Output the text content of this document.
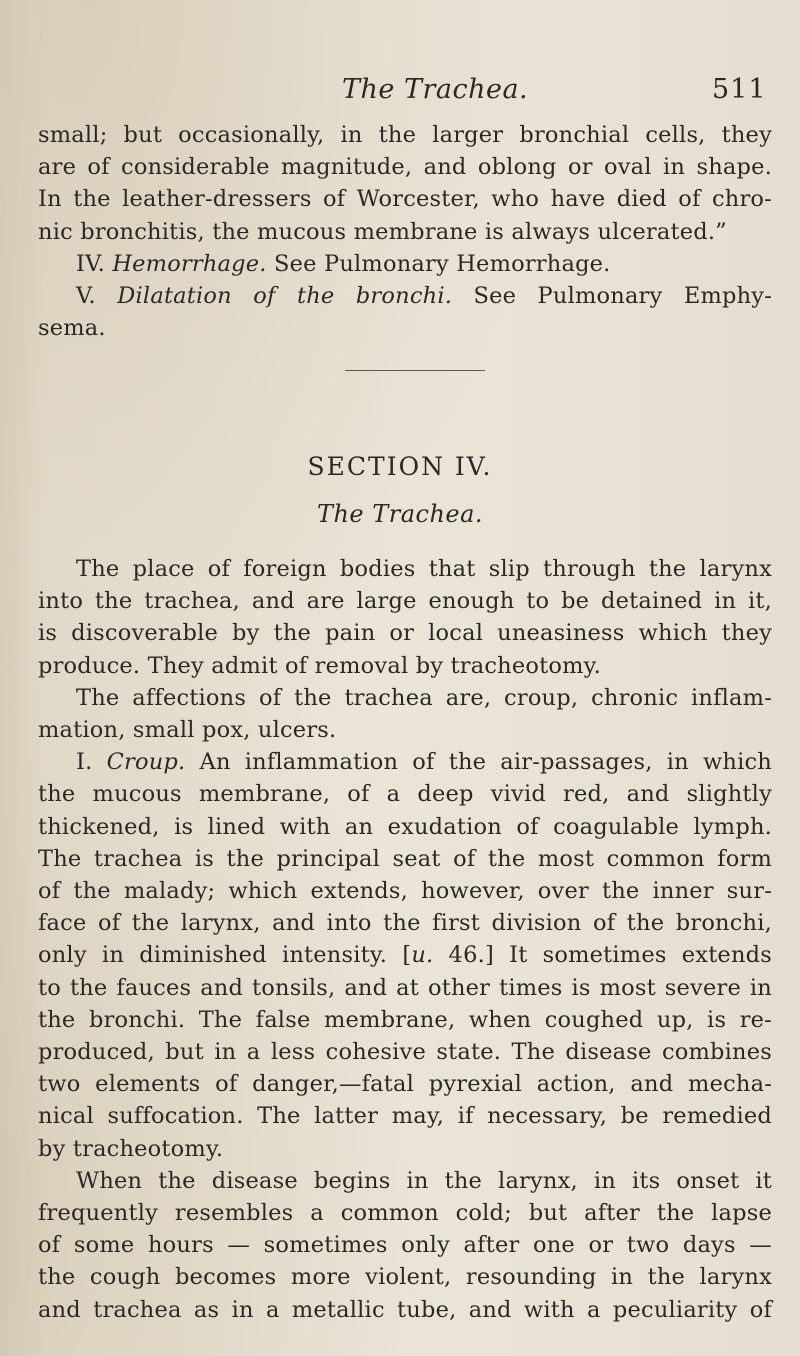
The Trachea.	511

small; but occasionally, in the larger bronchial cells, they

are of considerable magnitude, and oblong or oval in shape.

In the leather-dressers of Worcester, who have died of chro-

nic bronchitis, the mucous membrane is always ulcerated.”

IV. Hemorrhage. See Pulmonary Hemorrhage.

V. Dilatation of the bronchi. See Pulmonary Emphy-

sema.

SECTION IV.
The Trachea.

The place of foreign bodies that slip through the larynx

into the trachea, and are large enough to be detained in it,

is discoverable by the pain or local uneasiness which they

produce. They admit of removal by tracheotomy.

The affections of the trachea are, croup, chronic inflam-

mation, small pox, ulcers.

I. Croup. An inflammation of the air-passages, in which

the mucous membrane, of a deep vivid red, and slightly

thickened, is lined with an exudation of coagulable lymph.

The trachea is the principal seat of the most common form

of the malady; which extends, however, over the inner sur-

face of the larynx, and into the first division of the bronchi,

only in diminished intensity. [u. 46.] It sometimes extends

to the fauces and tonsils, and at other times is most severe in

the bronchi. The false membrane, when coughed up, is re-

produced, but in a less cohesive state. The disease combines

two elements of danger,—fatal pyrexial action, and mecha-

nical suffocation. The latter may, if necessary, be remedied

by tracheotomy.

When the disease begins in the larynx, in its onset it

frequently resembles a common cold; but after the lapse

of some hours — sometimes only after one or two days —

the cough becomes more violent, resounding in the larynx

and trachea as in a metallic tube, and with a peculiarity of
